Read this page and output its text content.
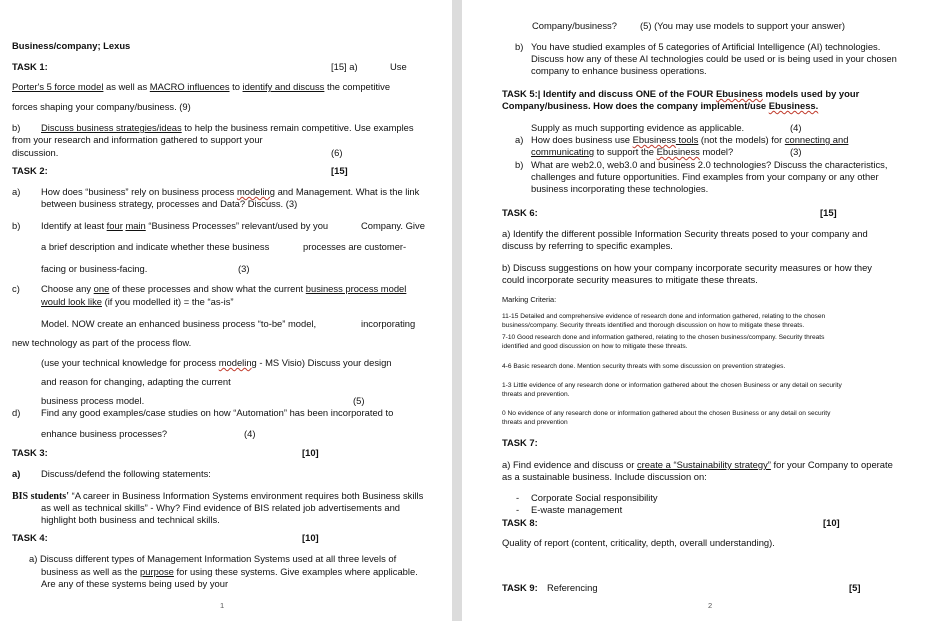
Business/company; Lexus
TASK 1:	[15] a)	Use
Porter's 5 force model as well as MACRO influences to identify and discuss the competitive
forces shaping your company/business. (9)
b) Discuss business strategies/ideas to help the business remain competitive. Use examples
from your research and information gathered to support your
discussion.	(6)
TASK 2:	[15]
a) How does “business” rely on business process modeling and Management. What is the link
between business strategy, processes and Data? Discuss. (3)
b) Identify at least four main “Business Processes” relevant/used by you	Company. Give
a brief description and indicate whether these business	processes are customer-
facing or business-facing.	(3)
c) Choose any one of these processes and show what the current business process model
would look like (if you modelled it) = the “as-is”
Model. NOW create an enhanced business process “to-be” model,	incorporating
new technology as part of the process flow.
(use your technical knowledge for process modeling - MS Visio) Discuss your design
and reason for changing, adapting the current
business process model.	(5)
d) Find any good examples/case studies on how “Automation” has been incorporated to
enhance business processes?	(4)
TASK 3:	[10]
a) Discuss/defend the following statements:
BIS students' “A career in Business Information Systems environment requires both Business skills
as well as technical skills” - Why? Find evidence of BIS related job advertisements and
highlight both business and technical skills.
TASK 4:	[10]
a) Discuss different types of Management Information Systems used at all three levels of
business as well as the purpose for using these systems. Give examples where applicable.
Are any of these systems being used by your
1
Company/business? (5) (You may use models to support your answer)
b) You have studied examples of 5 categories of Artificial Intelligence (AI) technologies.
Discuss how any of these AI technologies could be used or is being used in your chosen
company to enhance business operations.
TASK 5:| Identify and discuss ONE of the FOUR Ebusiness models used by your
Company/business. How does the company implement/use Ebusiness.
Supply as much supporting evidence as applicable.	(4)
a) How does business use Ebusiness tools (not the models) for connecting and
communicating to support the Ebusiness model?	(3)
b) What are web2.0, web3.0 and business 2.0 technologies? Discuss the characteristics,
challenges and future opportunities. Find examples from your company or any other
business incorporating these technologies.
TASK 6:	[15]
a) Identify the different possible Information Security threats posed to your company and
discuss by referring to specific examples.
b) Discuss suggestions on how your company incorporate security measures or how they
could incorporate security measures to mitigate these threats.
Marking Criteria:
11-15 Detailed and comprehensive evidence of research done and information gathered, relating to the chosen
business/company. Security threats identified and thorough discussion on how to mitigate these threats.
7-10 Good research done and information gathered, relating to the chosen business/company. Security threats
identified and good discussion on how to mitigate these threats.
4-6 Basic research done. Mention security threats with some discussion on prevention strategies.
1-3 Little evidence of any research done or information gathered about the chosen Business or any detail on security
threats and prevention.
0 No evidence of any research done or information gathered about the chosen Business or any detail on security
threats and prevention
TASK 7:
a) Find evidence and discuss or create a “Sustainability strategy” for your Company to operate
as a sustainable business. Include discussion on:
- Corporate Social responsibility
- E-waste management
TASK 8:	[10]
Quality of report (content, criticality, depth, overall understanding).
TASK 9: Referencing	[5]
2
